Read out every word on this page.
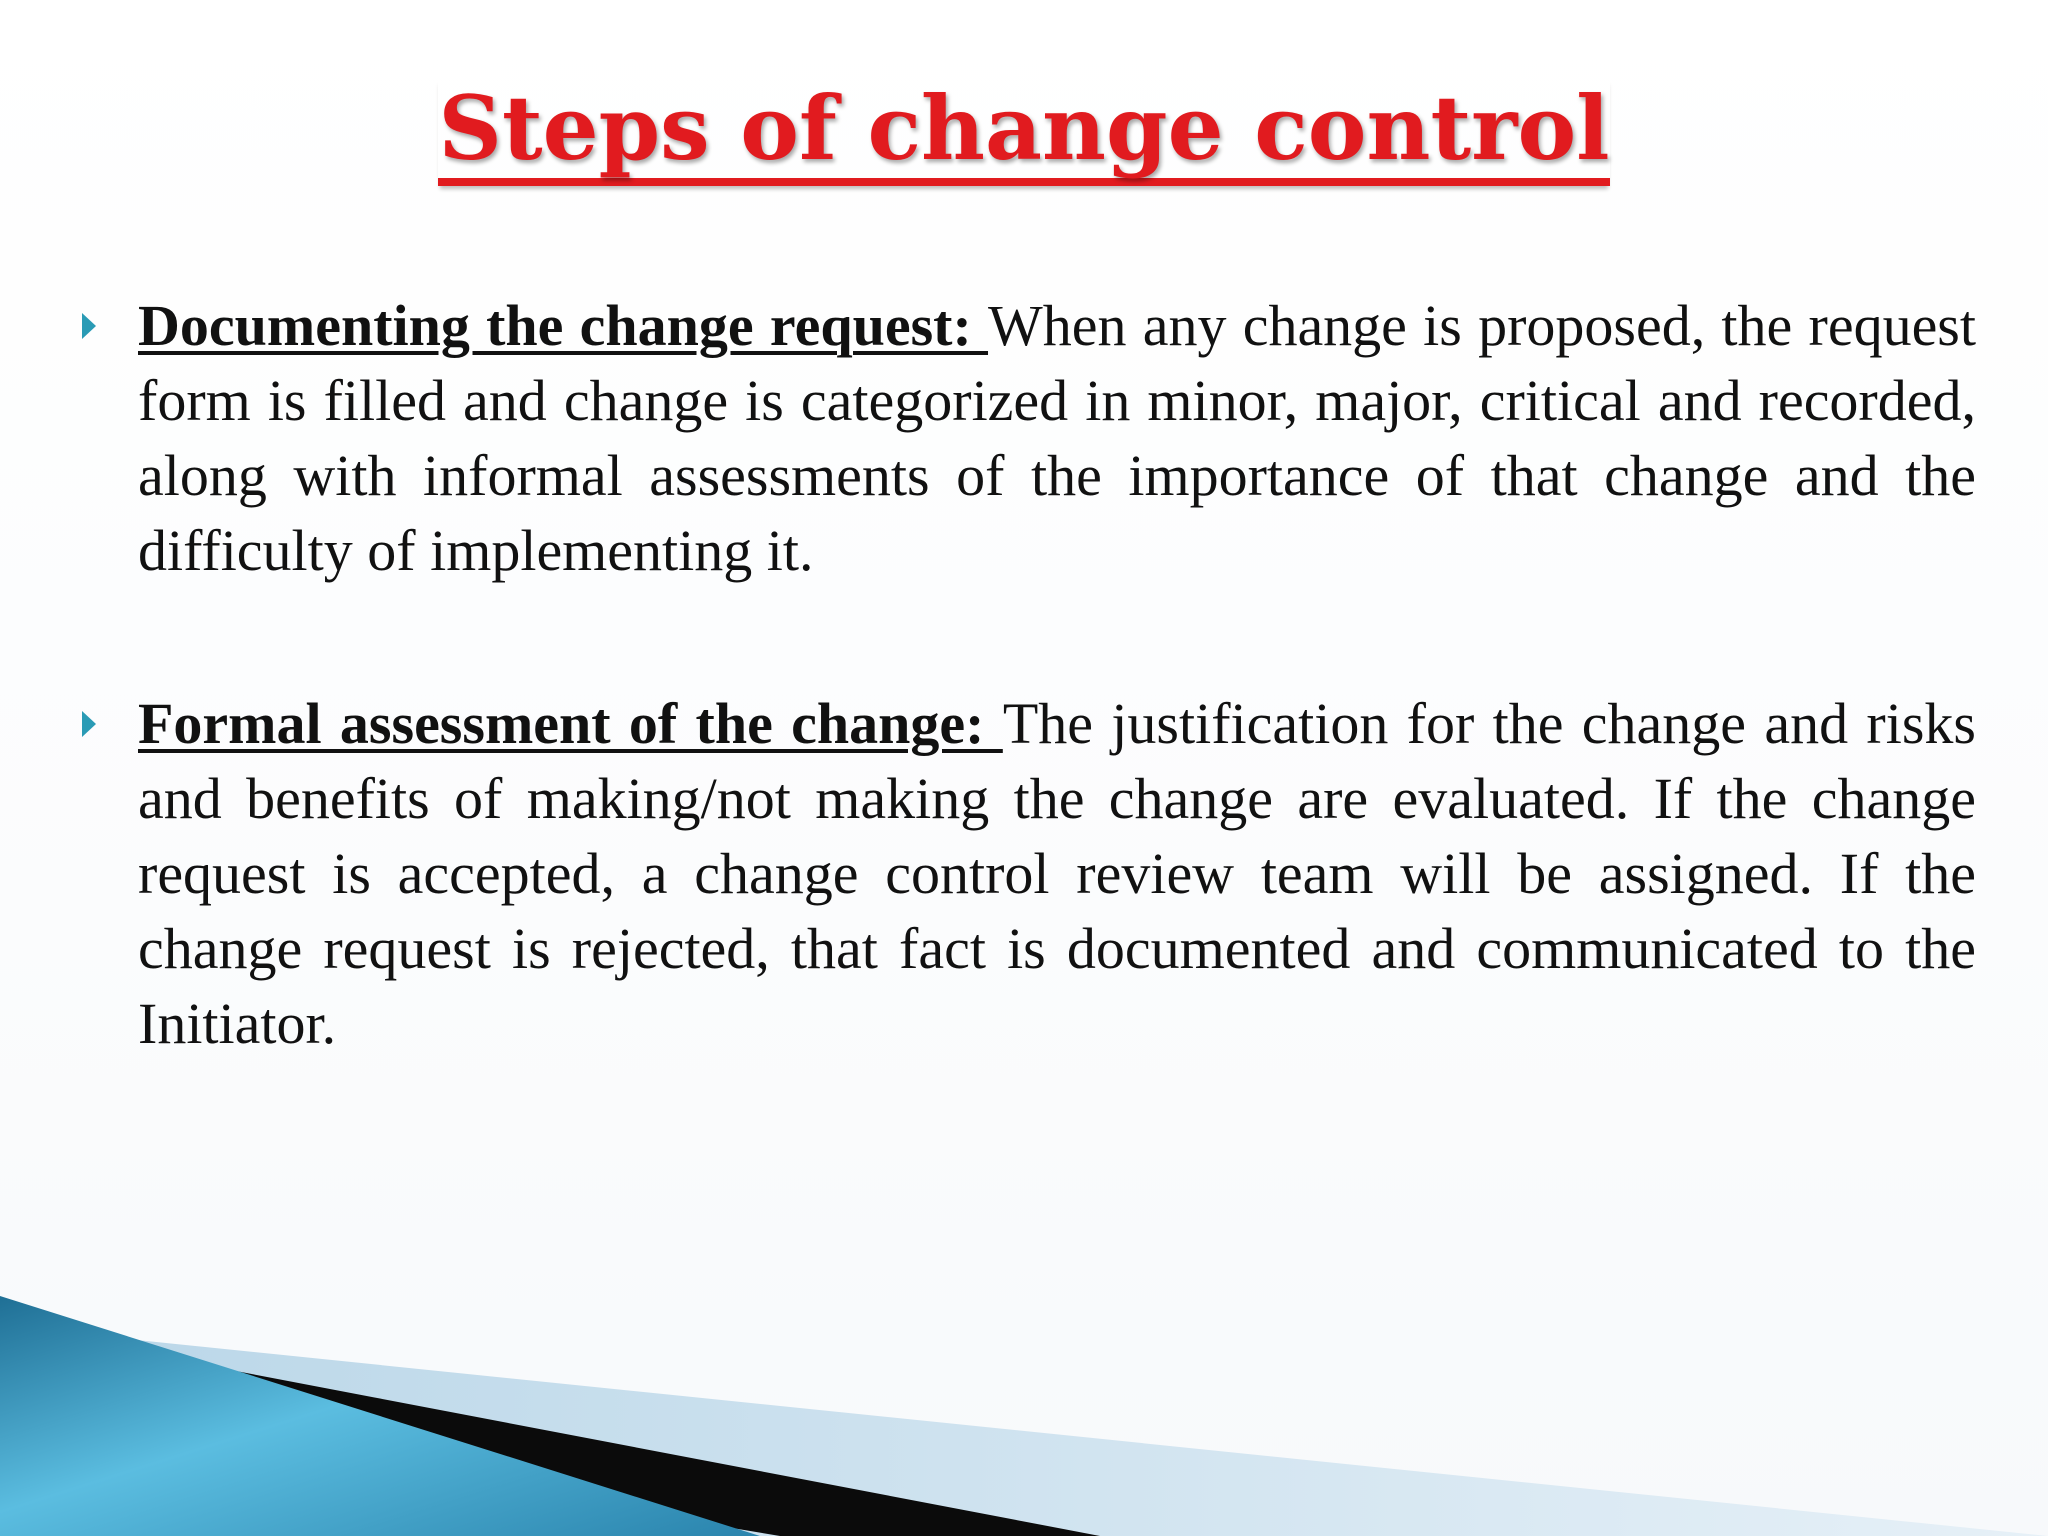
Steps of change control

Documenting the change request: When any change is proposed, the request form is filled and change is categorized in minor, major, critical and recorded, along with informal assessments of the importance of that change and the difficulty of implementing it.

Formal assessment of the change: The justification for the change and risks and benefits of making/not making the change are evaluated. If the change request is accepted, a change control review team will be assigned. If the change request is rejected, that fact is documented and communicated to the Initiator.
